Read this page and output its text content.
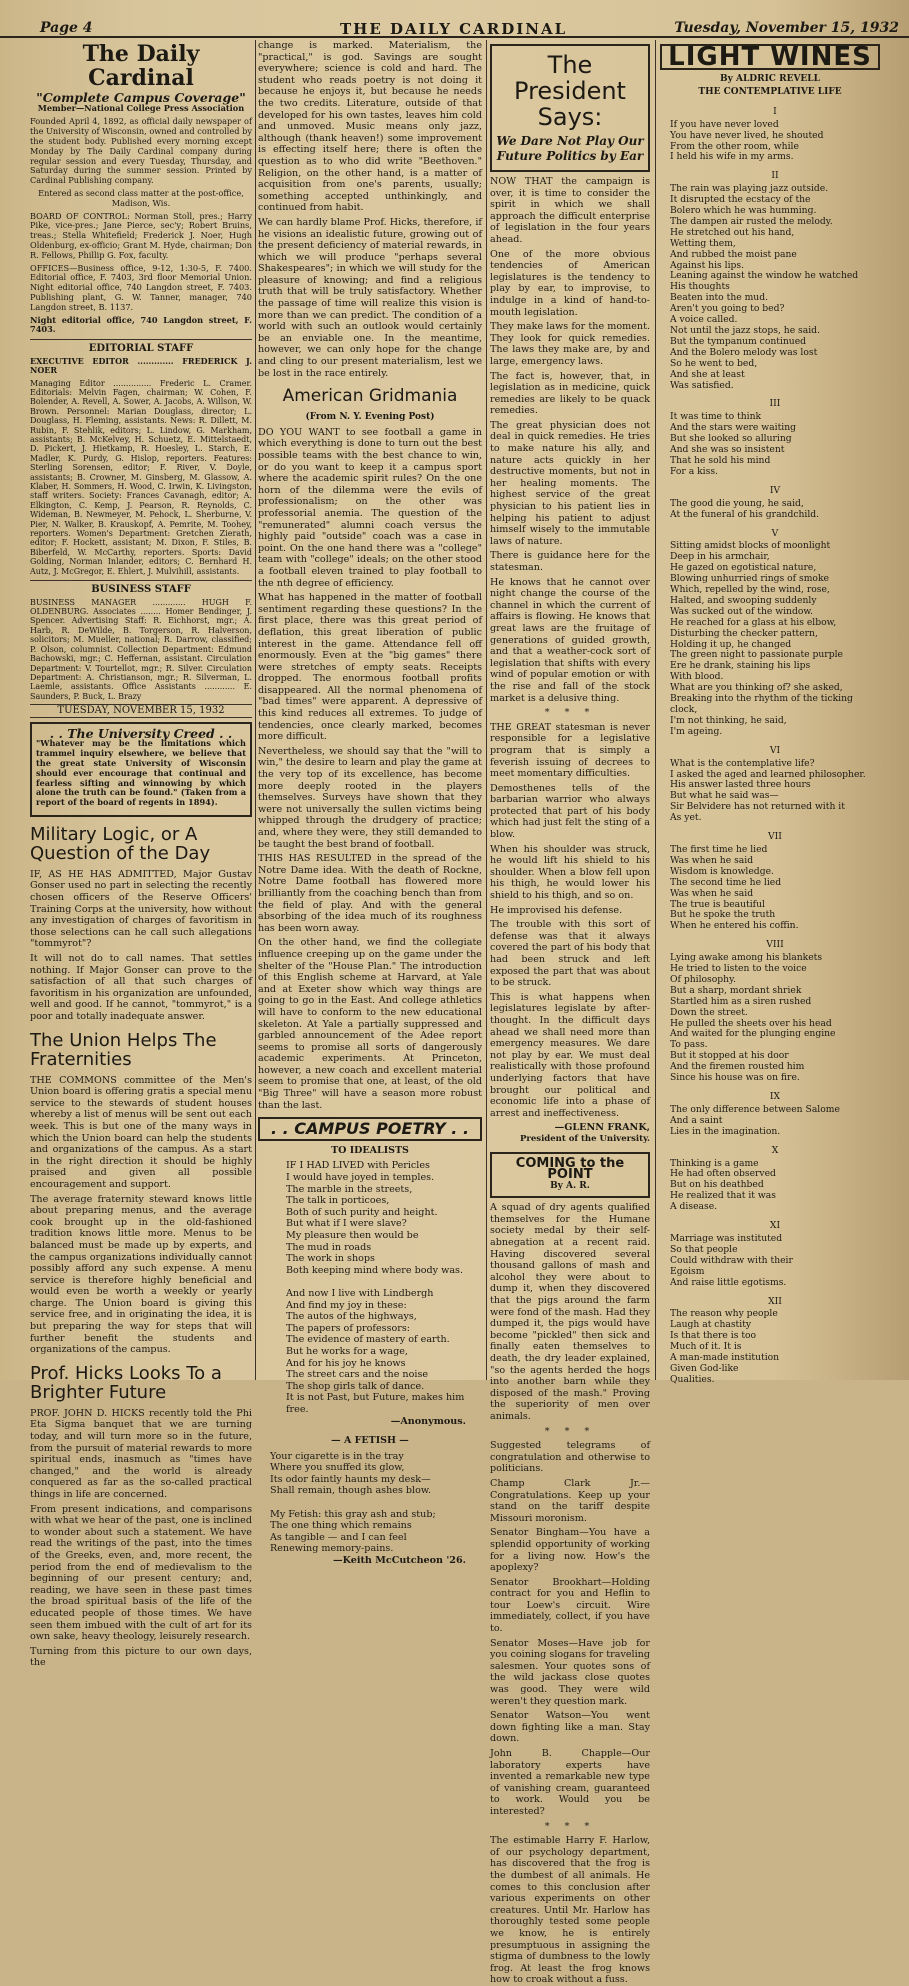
Page 4	THE DAILY CARDINAL	Tuesday, November 15, 1932
The Daily Cardinal
"Complete Campus Coverage"
Member—National College Press Association

Founded April 4, 1892, as official daily newspaper of the University of Wisconsin, owned and controlled by the student body. Published every morning except Monday by The Daily Cardinal company during regular session and every Tuesday, Thursday, and Saturday during the summer session. Printed by Cardinal Publishing company.

Entered as second class matter at the post-office, Madison, Wis.

BOARD OF CONTROL: Norman Stoll, pres.; Harry Pike, vice-pres.; Jane Pierce, sec'y; Robert Bruins, treas.; Stella Whitefield; Frederick J. Noer, Hugh Oldenburg, ex-officio; Grant M. Hyde, chairman; Don R. Fellows, Phillip G. Fox, faculty.

OFFICES—Business office, 9-12, 1:30-5, F. 7400. Editorial office, F. 7403, 3rd floor Memorial Union. Night editorial office, 740 Langdon street, F. 7403. Publishing plant, G. W. Tanner, manager, 740 Langdon street, B. 1137.

Night editorial office, 740 Langdon street, F. 7403.

EDITORIAL STAFF

EXECUTIVE EDITOR ............. FREDERICK J. NOER

Managing Editor ............... Frederic L. Cramer. Editorials: Melvin Fagen, chairman; W. Cohen, F. Bolender, A. Revell, A. Sower, A. Jacobs, A. Willson, W. Brown. Personnel: Marian Douglass, director; L. Douglass, H. Fleming, assistants. News: R. Dillett, M. Rubin, F. Stehlik, editors; L. Lindow, G. Markham, assistants; B. McKelvey, H. Schuetz, E. Mittelstaedt, D. Pickert, J. Hietkamp, R. Hoesley, L. Starch, E. Madler, K. Purdy, G. Hislop, reporters. Features: Sterling Sorensen, editor; F. River, V. Doyle, assistants; B. Crowner, M. Ginsberg, M. Glassow, A. Klaber, H. Sommers, H. Wood, C. Irwin, K. Livingston, staff writers. Society: Frances Cavanagh, editor; A. Elkington, C. Kemp, J. Pearson, R. Reynolds, C. Wideman, B. Newmeyer, M. Pehock, L. Sherburne, V. Pier, N. Walker, B. Krauskopf, A. Pemrite, M. Toohey, reporters. Women's Department: Gretchen Zierath, editor; F. Hockett, assistant; M. Dixon, F. Stiles, B. Biberfeld, W. McCarthy, reporters. Sports: David Golding, Norman Inlander, editors; C. Bernhard H. Autz, J. McGregor, E. Ehlert, J. Mulvihill, assistants.

BUSINESS STAFF

BUSINESS MANAGER ............. HUGH F. OLDENBURG. Associates ........ Homer Bendinger, J. Spencer. Advertising Staff: R. Eichhorst, mgr.; A. Harb, R. DeWilde, B. Torgerson, R. Halverson, solicitors; M. Mueller, national; R. Darrow, classified; P. Olson, columnist. Collection Department: Edmund Bachowski, mgr.; C. Heffernan, assistant. Circulation Department: V. Tourtellot, mgr.; R. Silver. Circulation Department: A. Christianson, mgr.; R. Silverman, L. Laemle, assistants. Office Assistants ............ E. Saunders, P. Buck, L. Brazy

TUESDAY, NOVEMBER 15, 1932
. . The University Creed . .

"Whatever may be the limitations which trammel inquiry elsewhere, we believe that the great state University of Wisconsin should ever encourage that continual and fearless sifting and winnowing by which alone the truth can be found." (Taken from a report of the board of regents in 1894).

Military Logic, or A Question of the Day

IF, AS HE HAS ADMITTED, Major Gustav Gonser used no part in selecting the recently chosen officers of the Reserve Officers' Training Corps at the university, how without any investigation of charges of favoritism in those selections can he call such allegations "tommyrot"?

It will not do to call names. That settles nothing. If Major Gonser can prove to the satisfaction of all that such charges of favoritism in his organization are unfounded, well and good. If he cannot, "tommyrot," is a poor and totally inadequate answer.

The Union Helps The Fraternities

THE COMMONS committee of the Men's Union board is offering gratis a special menu service to the stewards of student houses whereby a list of menus will be sent out each week. This is but one of the many ways in which the Union board can help the students and organizations of the campus. As a start in the right direction it should be highly praised and given all possible encouragement and support.

The average fraternity steward knows little about preparing menus, and the average cook brought up in the old-fashioned tradition knows little more. Menus to be balanced must be made up by experts, and the campus organizations individually cannot possibly afford any such expense. A menu service is therefore highly beneficial and would even be worth a weekly or yearly charge. The Union board is giving this service free, and in originating the idea, it is but preparing the way for steps that will further benefit the students and organizations of the campus.

Prof. Hicks Looks To a Brighter Future

PROF. JOHN D. HICKS recently told the Phi Eta Sigma banquet that we are turning today, and will turn more so in the future, from the pursuit of material rewards to more spiritual ends, inasmuch as "times have changed," and the world is already conquered as far as the so-called practical things in life are concerned.

From present indications, and comparisons with what we hear of the past, one is inclined to wonder about such a statement. We have read the writings of the past, into the times of the Greeks, even, and, more recent, the period from the end of medievalism to the beginning of our present century; and, reading, we have seen in these past times the broad spiritual basis of the life of the educated people of those times. We have seen them imbued with the cult of art for its own sake, heavy theology, leisurely research.

Turning from this picture to our own days, the

change is marked. Materialism, the "practical," is god. Savings are sought everywhere; science is cold and hard. The student who reads poetry is not doing it because he enjoys it, but because he needs the two credits. Literature, outside of that developed for his own tastes, leaves him cold and unmoved. Music means only jazz, although (thank heaven!) some improvement is effecting itself here; there is often the question as to who did write "Beethoven." Religion, on the other hand, is a matter of acquisition from one's parents, usually; something accepted unthinkingly, and continued from habit.

We can hardly blame Prof. Hicks, therefore, if he visions an idealistic future, growing out of the present deficiency of material rewards, in which we will produce "perhaps several Shakespeares"; in which we will study for the pleasure of knowing; and find a religious truth that will be truly satisfactory. Whether the passage of time will realize this vision is more than we can predict. The condition of a world with such an outlook would certainly be an enviable one. In the meantime, however, we can only hope for the change and cling to our present materialism, lest we be lost in the race entirely.

American Gridmania
(From N. Y. Evening Post)

DO YOU WANT to see football a game in which everything is done to turn out the best possible teams with the best chance to win, or do you want to keep it a campus sport where the academic spirit rules? On the one horn of the dilemma were the evils of professionalism; on the other was professorial anemia. The question of the "remunerated" alumni coach versus the highly paid "outside" coach was a case in point. On the one hand there was a "college" team with "college" ideals; on the other stood a football eleven trained to play football to the nth degree of efficiency.

What has happened in the matter of football sentiment regarding these questions? In the first place, there was this great period of deflation, this great liberation of public interest in the game. Attendance fell off enormously. Even at the "big games" there were stretches of empty seats. Receipts dropped. The enormous football profits disappeared. All the normal phenomena of "bad times" were apparent. A depressive of this kind reduces all extremes. To judge of tendencies, once clearly marked, becomes more difficult.

Nevertheless, we should say that the "will to win," the desire to learn and play the game at the very top of its excellence, has become more deeply rooted in the players themselves. Surveys have shown that they were not universally the sullen victims being whipped through the drudgery of practice; and, where they were, they still demanded to be taught the best brand of football.

THIS HAS RESULTED in the spread of the Notre Dame idea. With the death of Rockne, Notre Dame football has flowered more brilliantly from the coaching bench than from the field of play. And with the general absorbing of the idea much of its roughness has been worn away.

On the other hand, we find the collegiate influence creeping up on the game under the shelter of the "House Plan." The introduction of this English scheme at Harvard, at Yale and at Exeter show which way things are going to go in the East. And college athletics will have to conform to the new educational skeleton. At Yale a partially suppressed and garbled announcement of the Adee report seems to promise all sorts of dangerously academic experiments. At Princeton, however, a new coach and excellent material seem to promise that one, at least, of the old "Big Three" will have a season more robust than the last.

. . CAMPUS POETRY . .
TO IDEALISTS

IF I HAD LIVED with Pericles

I would have joyed in temples.

The marble in the streets,

The talk in porticoes,

Both of such purity and height.

But what if I were slave?

My pleasure then would be

The mud in roads

The work in shops

Both keeping mind where body was.

And now I live with Lindbergh

And find my joy in these:

The autos of the highways,

The papers of professors:

The evidence of mastery of earth.

But he works for a wage,

And for his joy he knows

The street cars and the noise

The shop girls talk of dance.

It is not Past, but Future, makes him free.

—Anonymous.
— A FETISH —

Your cigarette is in the tray

Where you snuffed its glow,

Its odor faintly haunts my desk—

Shall remain, though ashes blow.

My Fetish: this gray ash and stub;

The one thing which remains

As tangible — and I can feel

Renewing memory-pains.

—Keith McCutcheon '26.
The President Says:
We Dare Not Play Our Future Politics by Ear

NOW THAT the campaign is over, it is time to consider the spirit in which we shall approach the difficult enterprise of legislation in the four years ahead.

One of the more obvious tendencies of American legislatures is the tendency to play by ear, to improvise, to indulge in a kind of hand-to-mouth legislation.

They make laws for the moment. They look for quick remedies. The laws they make are, by and large, emergency laws.

The fact is, however, that, in legislation as in medicine, quick remedies are likely to be quack remedies.

The great physician does not deal in quick remedies. He tries to make nature his ally, and nature acts quickly in her destructive moments, but not in her healing moments. The highest service of the great physician to his patient lies in helping his patient to adjust himself wisely to the immutable laws of nature.

There is guidance here for the statesman.

He knows that he cannot over night change the course of the channel in which the current of affairs is flowing. He knows that great laws are the fruitage of generations of guided growth, and that a weather-cock sort of legislation that shifts with every wind of popular emotion or with the rise and fall of the stock market is a delusive thing.

* * *

THE GREAT statesman is never responsible for a legislative program that is simply a feverish issuing of decrees to meet momentary difficulties.

Demosthenes tells of the barbarian warrior who always protected that part of his body which had just felt the sting of a blow.

When his shoulder was struck, he would lift his shield to his shoulder. When a blow fell upon his thigh, he would lower his shield to his thigh, and so on.

He improvised his defense.

The trouble with this sort of defense was that it always covered the part of his body that had been struck and left exposed the part that was about to be struck.

This is what happens when legislatures legislate by after-thought. In the difficult days ahead we shall need more than emergency measures. We dare not play by ear. We must deal realistically with those profound underlying factors that have brought our political and economic life into a phase of arrest and ineffectiveness.

—GLENN FRANK,
President of the University.
COMING to the POINT
By A. R.

A squad of dry agents qualified themselves for the Humane society medal by their self-abnegation at a recent raid. Having discovered several thousand gallons of mash and alcohol they were about to dump it, when they discovered that the pigs around the farm were fond of the mash. Had they dumped it, the pigs would have become "pickled" then sick and finally eaten themselves to death, the dry leader explained, "so the agents herded the hogs into another barn while they disposed of the mash." Proving the superiority of men over animals.

* * *

Suggested telegrams of congratulation and otherwise to politicians.

Champ Clark Jr.—Congratulations. Keep up your stand on the tariff despite Missouri moronism.

Senator Bingham—You have a splendid opportunity of working for a living now. How's the apoplexy?

Senator Brookhart—Holding contract for you and Heflin to tour Loew's circuit. Wire immediately, collect, if you have to.

Senator Moses—Have job for you coining slogans for traveling salesmen. Your quotes sons of the wild jackass close quotes was good. They were wild weren't they question mark.

Senator Watson—You went down fighting like a man. Stay down.

John B. Chapple—Our laboratory experts have invented a remarkable new type of vanishing cream, guaranteed to work. Would you be interested?

* * *

The estimable Harry F. Harlow, of our psychology department, has discovered that the frog is the dumbest of all animals. He comes to this conclusion after various experiments on other creatures. Until Mr. Harlow has thoroughly tested some people we know, he is entirely presumptuous in assigning the stigma of dumbness to the lowly frog. At least the frog knows how to croak without a fuss.

LIGHT WINES
By ALDRIC REVELL
THE CONTEMPLATIVE LIFE
I

If you have never loved

You have never lived, he shouted

From the other room, while

I held his wife in my arms.

II

The rain was playing jazz outside.

It disrupted the ecstacy of the

Bolero which he was humming.

The dampen air rusted the melody.

He stretched out his hand,

Wetting them,

And rubbed the moist pane

Against his lips.

Leaning against the window he watched

His thoughts

Beaten into the mud.

Aren't you going to bed?

A voice called.

Not until the jazz stops, he said.

But the tympanum continued

And the Bolero melody was lost

So he went to bed,

And she at least

Was satisfied.

III

It was time to think

And the stars were waiting

But she looked so alluring

And she was so insistent

That he sold his mind

For a kiss.

IV

The good die young, he said,

At the funeral of his grandchild.

V

Sitting amidst blocks of moonlight

Deep in his armchair,

He gazed on egotistical nature,

Blowing unhurried rings of smoke

Which, repelled by the wind, rose,

Halted, and swooping suddenly

Was sucked out of the window.

He reached for a glass at his elbow,

Disturbing the checker pattern,

Holding it up, he changed

The green night to passionate purple

Ere he drank, staining his lips

With blood.

What are you thinking of? she asked,

Breaking into the rhythm of the ticking clock,

I'm not thinking, he said,

I'm ageing.

VI

What is the contemplative life?

I asked the aged and learned philosopher.

His answer lasted three hours

But what he said was—

Sir Belvidere has not returned with it

As yet.

VII

The first time he lied

Was when he said

Wisdom is knowledge.

The second time he lied

Was when he said

The true is beautiful

But he spoke the truth

When he entered his coffin.

VIII

Lying awake among his blankets

He tried to listen to the voice

Of philosophy.

But a sharp, mordant shriek

Startled him as a siren rushed

Down the street.

He pulled the sheets over his head

And waited for the plunging engine

To pass.

But it stopped at his door

And the firemen rousted him

Since his house was on fire.

IX

The only difference between Salome

And a saint

Lies in the imagination.

X

Thinking is a game

He had often observed

But on his deathbed

He realized that it was

A disease.

XI

Marriage was instituted

So that people

Could withdraw with their

Egoism

And raise little egotisms.

XII

The reason why people

Laugh at chastity

Is that there is too

Much of it. It is

A man-made institution

Given God-like

Qualities.
